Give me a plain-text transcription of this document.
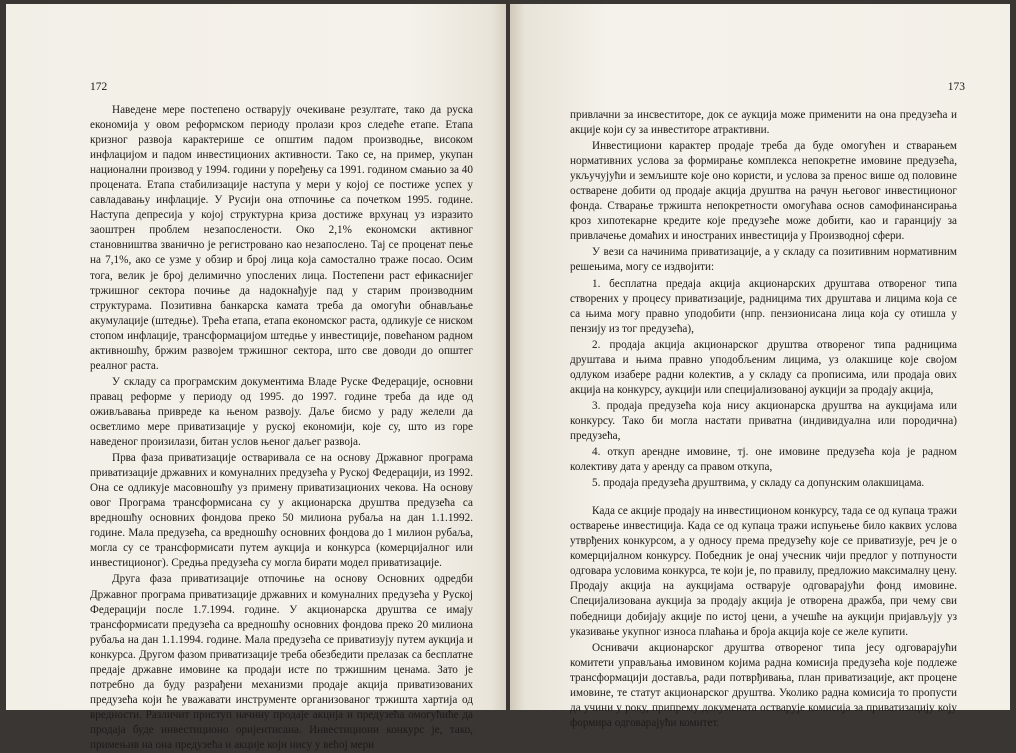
172

Наведене мере постепено остварују очекиване резултате, тако да руска економија у овом реформском периоду пролази кроз следеће етапе. Етапа кризног развоја карактерише се општим падом производње, високом инфлацијом и падом инвестиционих активности. Тако се, на пример, укупан национални производ у 1994. години у поређењу са 1991. годином смањио за 40 процената. Етапа стабилизације наступа у мери у којој се постиже успех у савладавању инфлације. У Русији она отпочиње са почетком 1995. године. Наступа депресија у којој структурна криза достиже врхунац уз изразито заоштрен проблем незапослености. Око 2,1% економски активног становништва званично је регистровано као незапослено. Тај се проценат пење на 7,1%, ако се узме у обзир и број лица која самостално траже посао. Осим тога, велик је број делимично упослених лица. Постепени раст ефикаснијег тржишног сектора почиње да надокнађује пад у старим производним структурама. Позитивна банкарска камата треба да омогући обнављање акумулације (штедње). Трећа етапа, етапа економског раста, одликује се ниском стопом инфлације, трансформацијом штедње у инвестиције, повећаном радном активношћу, бржим развојем тржишног сектора, што све доводи до општег реалног раста.

У складу са програмским документима Владе Руске Федерације, основни правац реформе у периоду од 1995. до 1997. године треба да иде од оживљавања привреде ка њеном развоју. Даље бисмо у раду желели да осветлимо мере приватизације у руској економији, које су, што из горе наведеног произилази, битан услов њеног даљег развоја.

Прва фаза приватизације остваривала се на основу Државног програма приватизације државних и комуналних предузећа у Руској Федерацији, из 1992. Она се одликује масовношћу уз примену приватизационих чекова. На основу овог Програма трансформисана су у акционарска друштва предузећа са вредношћу основних фондова преко 50 милиона рубаља на дан 1.1.1992. године. Мала предузећа, са вредношћу основних фондова до 1 милион рубаља, могла су се трансформисати путем аукција и конкурса (комерцијалног или инвестиционог). Средња предузећа су могла бирати модел приватизације.

Друга фаза приватизације отпочиње на основу Основних одредби Државног програма приватизације државних и комуналних предузећа у Руској Федерацији после 1.7.1994. године. У акционарска друштва се имају трансформисати предузећа са вредношћу основних фондова преко 20 милиона рубаља на дан 1.1.1994. године. Мала предузећа се приватизују путем аукција и конкурса. Другом фазом приватизације треба обезбедити прелазак са бесплатне предаје државне имовине ка продаји исте по тржишним ценама. Зато је потребно да буду разрађени механизми продаје акција приватизованих предузећа који ће уважавати инструменте организованог тржишта хартија од вредности. Различит приступ начину продаје акција и предузећа омогућиће да продаја буде инвестиционо оријентисана. Инвестициони конкурс је, тако, примењив на она предузећа и акције који нису у већој мери

173

привлачни за инсвеститоре, док се аукција може применити на она предузећа и акције који су за инвеститоре атрактивни.

Инвестициони карактер продаје треба да буде омогућен и стварањем нормативних услова за формирање комплекса непокретне имовине предузећа, укључујући и земљиште које оно користи, и услова за пренос више од половине остварене добити од продаје акција друштва на рачун његовог инвестиционог фонда. Стварање тржишта непокретности омогућава основ самофинансирања кроз хипотекарне кредите које предузеће може добити, као и гаранцију за привлачење домаћих и иностраних инвестиција у Производној сфери.

У вези са начинима приватизације, а у складу са позитивним нормативним решењима, могу се издвојити:

1. бесплатна предаја акција акционарских друштава отвореног типа створених у процесу приватизације, радницима тих друштава и лицима која се са њима могу правно уподобити (нпр. пензионисана лица која су отишла у пензију из тог предузећа),

2. продаја акција акционарског друштва отвореног типа радницима друштава и њима правно уподобљеним лицима, уз олакшице које својом одлуком изабере радни колектив, а у складу са прописима, или продаја ових акција на конкурсу, аукцији или специјализованој аукцији за продају акција,

3. продаја предузећа која нису акционарска друштва на аукцијама или конкурсу. Тако би могла настати приватна (индивидуална или породична) предузећа,

4. откуп арендне имовине, тј. оне имовине предузећа која је радном колективу дата у аренду са правом откупа,

5. продаја предузећа друштвима, у складу са допунским олакшицама.

Када се акције продају на инвестиционом конкурсу, тада се од купаца тражи остварење инвестиција. Када се од купаца тражи испуњење било каквих услова утврђених конкурсом, а у односу према предузећу које се приватизује, реч је о комерцијалном конкурсу. Победник је онај учесник чији предлог у потпуности одговара условима конкурса, те који је, по правилу, предложио максималну цену. Продају акција на аукцијама остварује одговарајући фонд имовине. Специјализована аукција за продају акција је отворена дражба, при чему сви победници добијају акције по истој цени, а учешће на аукцији пријављују уз указивање укупног износа плаћања и броја акција које се желе купити.

Оснивачи акционарског друштва отвореног типа јесу одговарајући комитети управљања имовином којима радна комисија предузећа које подлеже трансформацији доставља, ради потврђивања, план приватизације, акт процене имовине, те статут акционарског друштва. Уколико радна комисија то пропусти да учини у року, припрему докумената остварује комисија за приватизацију коју формира одговарајући комитет.
